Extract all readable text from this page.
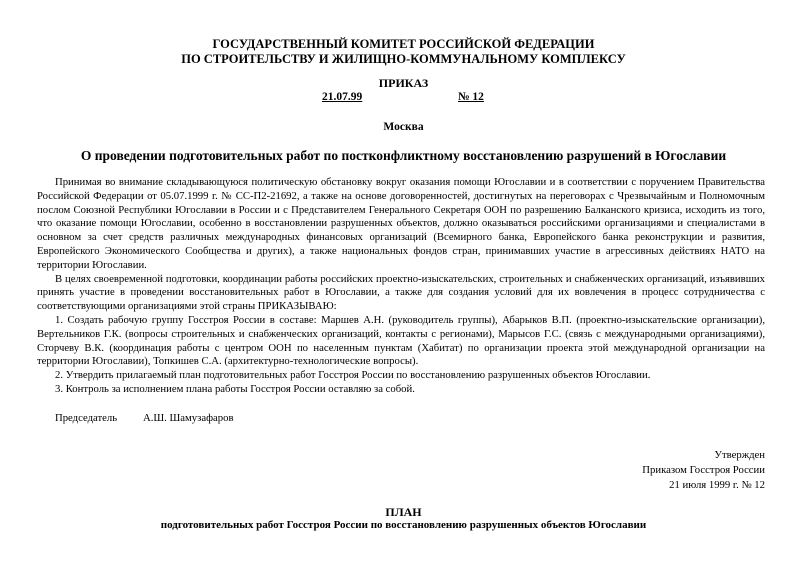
ГОСУДАРСТВЕННЫЙ КОМИТЕТ РОССИЙСКОЙ ФЕДЕРАЦИИ
ПО СТРОИТЕЛЬСТВУ И ЖИЛИЩНО-КОММУНАЛЬНОМУ КОМПЛЕКСУ
ПРИКАЗ
21.07.99	№ 12
Москва
О проведении подготовительных работ по постконфликтному восстановлению разрушений в Югославии

Принимая во внимание складывающуюся политическую обстановку вокруг оказания помощи Югославии и в соответствии с поручением Правительства Российской Федерации от 05.07.1999 г. № СС-П2-21692, а также на основе договоренностей, достигнутых на переговорах с Чрезвычайным и Полномочным послом Союзной Республики Югославии в России и с Представителем Генерального Секретаря ООН по разрешению Балканского кризиса, исходить из того, что оказание помощи Югославии, особенно в восстановлении разрушенных объектов, должно оказываться российскими организациями и специалистами в основном за счет средств различных международных финансовых организаций (Всемирного банка, Европейского банка реконструкции и развития, Европейского Экономического Сообщества и других), а также национальных фондов стран, принимавших участие в агрессивных действиях НАТО на территории Югославии.

В целях своевременной подготовки, координации работы российских проектно-изыскательских, строительных и снабженческих организаций, изъявивших принять участие в проведении восстановительных работ в Югославии, а также для создания условий для их вовлечения в процесс сотрудничества с соответствующими организациями этой страны ПРИКАЗЫВАЮ:

1. Создать рабочую группу Госстроя России в составе: Маршев А.Н. (руководитель группы), Абарыков В.П. (проектно-изыскательские организации), Вертельников Г.К. (вопросы строительных и снабженческих организаций, контакты с регионами), Марысов Г.С. (связь с международными организациями), Сторчеву В.К. (координация работы с центром ООН по населенным пунктам (Хабитат) по организации проекта этой международной организации на территории Югославии), Топкишев С.А. (архитектурно-технологические вопросы).

2. Утвердить прилагаемый план подготовительных работ Госстроя России по восстановлению разрушенных объектов Югославии.

3. Контроль за исполнением плана работы Госстроя России оставляю за собой.

Председатель А.Ш. Шамузафаров
Утвержден
Приказом Госстроя России
21 июля 1999 г. № 12
ПЛАН
подготовительных работ Госстроя России по восстановлению разрушенных объектов Югославии
